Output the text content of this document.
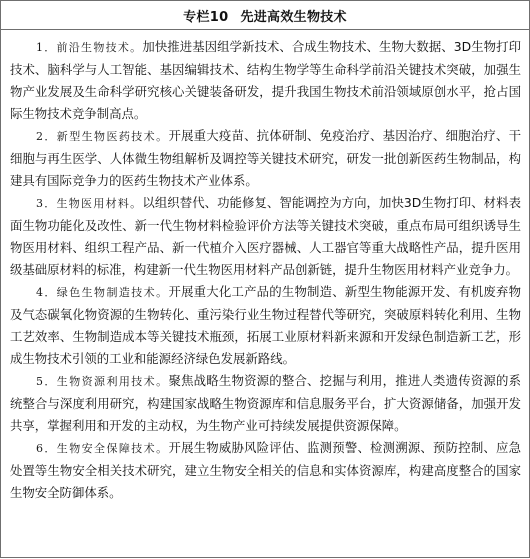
专栏10 先进高效生物技术

1．前沿生物技术。加快推进基因组学新技术、合成生物技术、生物大数据、3D生物打印技术、脑科学与人工智能、基因编辑技术、结构生物学等生命科学前沿关键技术突破，加强生物产业发展及生命科学研究核心关键装备研发，提升我国生物技术前沿领域原创水平，抢占国际生物技术竞争制高点。

2．新型生物医药技术。开展重大疫苗、抗体研制、免疫治疗、基因治疗、细胞治疗、干细胞与再生医学、人体微生物组解析及调控等关键技术研究，研发一批创新医药生物制品，构建具有国际竞争力的医药生物技术产业体系。

3．生物医用材料。以组织替代、功能修复、智能调控为方向，加快3D生物打印、材料表面生物功能化及改性、新一代生物材料检验评价方法等关键技术突破，重点布局可组织诱导生物医用材料、组织工程产品、新一代植介入医疗器械、人工器官等重大战略性产品，提升医用级基础原材料的标准，构建新一代生物医用材料产品创新链，提升生物医用材料产业竞争力。

4．绿色生物制造技术。开展重大化工产品的生物制造、新型生物能源开发、有机废弃物及气态碳氧化物资源的生物转化、重污染行业生物过程替代等研究，突破原料转化利用、生物工艺效率、生物制造成本等关键技术瓶颈，拓展工业原材料新来源和开发绿色制造新工艺，形成生物技术引领的工业和能源经济绿色发展新路线。

5．生物资源利用技术。聚焦战略生物资源的整合、挖掘与利用，推进人类遗传资源的系统整合与深度利用研究，构建国家战略生物资源库和信息服务平台，扩大资源储备，加强开发共享，掌握利用和开发的主动权，为生物产业可持续发展提供资源保障。

6．生物安全保障技术。开展生物威胁风险评估、监测预警、检测溯源、预防控制、应急处置等生物安全相关技术研究，建立生物安全相关的信息和实体资源库，构建高度整合的国家生物安全防御体系。
